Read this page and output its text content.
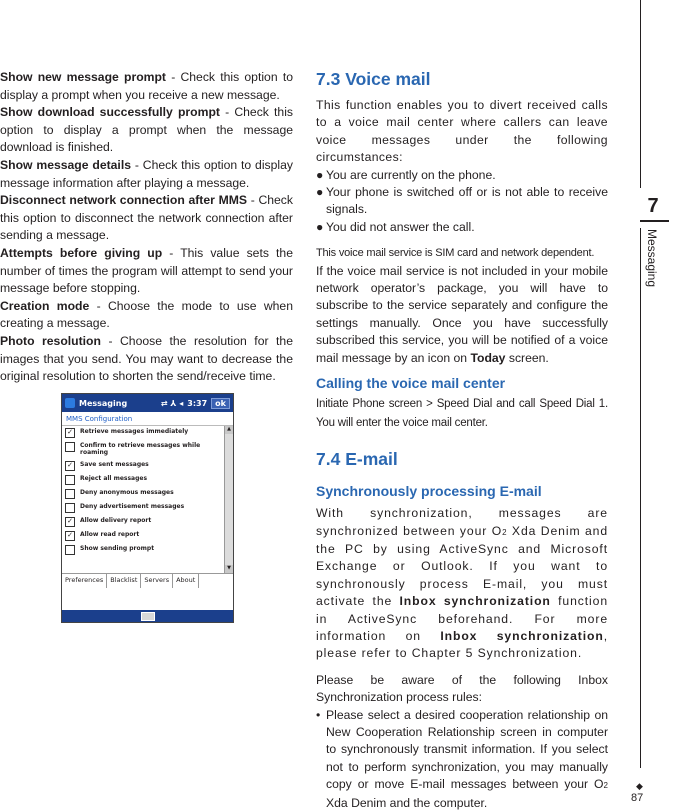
Show new message prompt - Check this option to display a prompt when you receive a new message.

Show download successfully prompt - Check this option to display a prompt when the message download is finished.

Show message details - Check this option to display message information after playing a message.

Disconnect network connection after MMS - Check this option to disconnect the network connection after sending a message.

Attempts before giving up - This value sets the number of times the program will attempt to send your message before stopping.

Creation mode - Choose the mode to use when creating a message.

Photo resolution - Choose the resolution for the images that you send. You may want to decrease the original resolution to shorten the send/receive time.

Messaging	⇄ ⅄ ◂ 3:37	ok
MMS Configuration
✓	Retrieve messages immediately
Confirm to retrieve messages while roaming
✓	Save sent messages
Reject all messages
Deny anonymous messages
Deny advertisement messages
✓	Allow delivery report
✓	Allow read report
Show sending prompt
▲
▼
Preferences	Blacklist	Servers	About

7.3 Voice mail

This function enables you to divert received calls to a voice mail center where callers can leave voice messages under the following circumstances:

● You are currently on the phone.
● Your phone is switched off or is not able to receive signals.
● You did not answer the call.

This voice mail service is SIM card and network dependent.

If the voice mail service is not included in your mobile network operator’s package, you will have to subscribe to the service separately and configure the settings manually. Once you have successfully subscribed this service, you will be notified of a voice mail message by an icon on Today screen.

Calling the voice mail center

Initiate Phone screen > Speed Dial and call Speed Dial 1. You will enter the voice mail center.

7.4 E-mail

Synchronously processing E-mail

With synchronization, messages are synchronized between your O2 Xda Denim and the PC by using ActiveSync and Microsoft Exchange or Outlook. If you want to synchronously process E-mail, you must activate the Inbox synchronization function in ActiveSync beforehand. For more information on Inbox synchronization, please refer to Chapter 5 Synchronization.

Please be aware of the following Inbox Synchronization process rules:

• Please select a desired cooperation relationship on New Cooperation Relationship screen in computer to synchronously transmit information. If you select not to perform synchronization, you may manually copy or move E-mail messages between your O2 Xda Denim and the computer.
7
Messaging
◆
87
